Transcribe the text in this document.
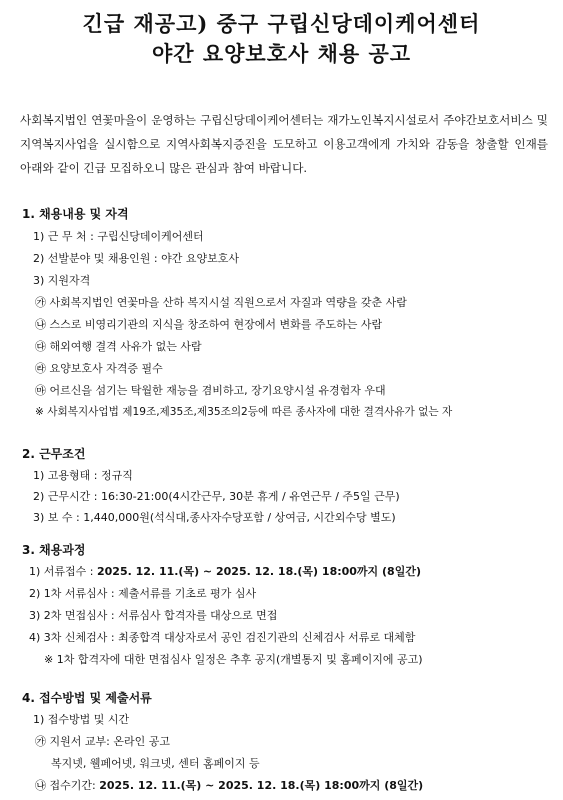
긴급 재공고) 중구 구립신당데이케어센터
야간 요양보호사 채용 공고
사회복지법인 연꽃마을이 운영하는 구립신당데이케어센터는 재가노인복지시설로서 주야간보호서비스 및 지역복지사업을 실시함으로 지역사회복지증진을 도모하고 이용고객에게 가치와 감동을 창출할 인재를 아래와 같이 긴급 모집하오니 많은 관심과 참여 바랍니다.
1. 채용내용 및 자격
1) 근 무 처 : 구립신당데이케어센터
2) 선발분야 및 채용인원 : 야간 요양보호사
3) 지원자격
㉮ 사회복지법인 연꽃마을 산하 복지시설 직원으로서 자질과 역량을 갖춘 사람
㉯ 스스로 비영리기관의 지식을 창조하여 현장에서 변화를 주도하는 사람
㉰ 해외여행 결격 사유가 없는 사람
㉱ 요양보호사 자격증 필수
㉲ 어르신을 섬기는 탁월한 재능을 겸비하고, 장기요양시설 유경험자 우대
※ 사회복지사업법 제19조,제35조,제35조의2등에 따른 종사자에 대한 결격사유가 없는 자
2. 근무조건
1) 고용형태 : 정규직
2) 근무시간 : 16:30-21:00(4시간근무, 30분 휴게 / 유연근무 / 주5일 근무)
3) 보 수 : 1,440,000원(석식대,종사자수당포함 / 상여금, 시간외수당 별도)
3. 채용과정
1) 서류접수 : 2025. 12. 11.(목) ~ 2025. 12. 18.(목) 18:00까지 (8일간)
2) 1차 서류심사 : 제출서류를 기초로 평가 심사
3) 2차 면접심사 : 서류심사 합격자를 대상으로 면접
4) 3차 신체검사 : 최종합격 대상자로서 공인 검진기관의 신체검사 서류로 대체함
※ 1차 합격자에 대한 면접심사 일정은 추후 공지(개별통지 및 홈페이지에 공고)
4. 접수방법 및 제출서류
1) 접수방법 및 시간
㉮ 지원서 교부: 온라인 공고
복지넷, 웰페어넷, 워크넷, 센터 홈페이지 등
㉯ 접수기간: 2025. 12. 11.(목) ~ 2025. 12. 18.(목) 18:00까지 (8일간)
